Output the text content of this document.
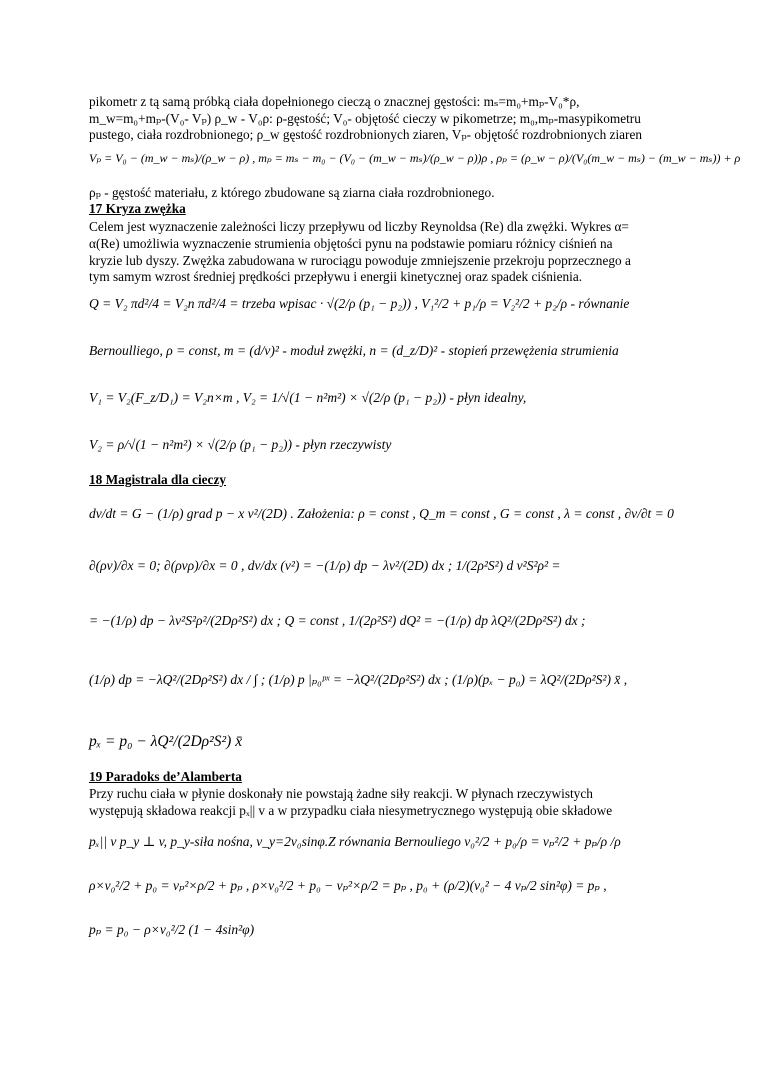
pikometr z tą samą próbką ciała dopełnionego cieczą o znacznej gęstości: mₛ=m₀+mₚ-V₀*ρ,
m_w=m₀+mₚ-(V₀- Vₚ) ρ_w - V₀ρ: ρ-gęstość; V₀- objętość cieczy w pikometrze; m₀,mₚ-masypikometru
pustego, ciała rozdrobnionego; ρ_w gęstość rozdrobnionych ziaren, Vₚ- objętość rozdrobnionych ziaren
Vₚ = V₀ − (m_w − mₛ)/(ρ_w − ρ) , mₚ = mₛ − m₀ − (V₀ − (m_w − mₛ)/(ρ_w − ρ))ρ , ρₚ = (ρ_w − ρ)/(V₀(m_w − mₛ) − (m_w − mₛ)) + ρ
ρₚ - gęstość materiału, z którego zbudowane są ziarna ciała rozdrobnionego.
17 Kryza zwężka
Celem jest wyznaczenie zależności liczy przepływu od liczby Reynoldsa (Re) dla zwężki. Wykres α=
α(Re) umożliwia wyznaczenie strumienia objętości pynu na podstawie pomiaru różnicy ciśnień na
kryzie lub dyszy. Zwężka zabudowana w rurociągu powoduje zmniejszenie przekroju poprzecznego a
tym samym wzrost średniej prędkości przepływu i energii kinetycznej oraz spadek ciśnienia.
Q = V₂ πd²/4 = V₂n πd²/4 = trzeba wpisac · √(2/ρ (p₁ − p₂)) , V₁²/2 + p₁/ρ = V₂²/2 + p₂/ρ - równanie
Bernoulliego, ρ = const, m = (d/v)² - moduł zwężki, n = (d_z/D)² - stopień przewężenia strumienia
V₁ = V₂(F_z/D₁) = V₂n×m , V₂ = 1/√(1 − n²m²) × √(2/ρ (p₁ − p₂)) - płyn idealny,
V₂ = ρ/√(1 − n²m²) × √(2/ρ (p₁ − p₂)) - płyn rzeczywisty
18 Magistrala dla cieczy
dv/dt = G − (1/ρ) grad p − x v²/(2D) . Założenia: ρ = const , Q_m = const , G = const , λ = const , ∂v/∂t = 0
∂(ρv)/∂x = 0; ∂(ρvρ)/∂x = 0 , dv/dx (v²) = −(1/ρ) dp − λv²/(2D) dx ; 1/(2ρ²S²) d v²S²ρ² =
= −(1/ρ) dp − λv²S²ρ²/(2Dρ²S²) dx ; Q = const , 1/(2ρ²S²) dQ² = −(1/ρ) dp λQ²/(2Dρ²S²) dx ;
(1/ρ) dp = −λQ²/(2Dρ²S²) dx / ∫ ; (1/ρ) p |ₚ₀ᵖˣ = −λQ²/(2Dρ²S²) dx ; (1/ρ)(pₓ − p₀) = λQ²/(2Dρ²S²) x̄ ,
pₓ = p₀ − λQ²/(2Dρ²S²) x̄
19 Paradoks de’Alamberta
Przy ruchu ciała w płynie doskonały nie powstają żadne siły reakcji. W płynach rzeczywistych
występują składowa reakcji pₓ|| v a w przypadku ciała niesymetrycznego występują obie składowe
pₓ|| v p_y ⊥ v, p_y-siła nośna, v_y=2v₀sinφ.Z równania Bernouliego v₀²/2 + p₀/ρ = vₚ²/2 + pₚ/ρ /ρ
ρ×v₀²/2 + p₀ = vₚ²×ρ/2 + pₚ , ρ×v₀²/2 + p₀ − vₚ²×ρ/2 = pₚ , p₀ + (ρ/2)(v₀² − 4 vₚ/2 sin²φ) = pₚ ,
pₚ = p₀ − ρ×v₀²/2 (1 − 4sin²φ)
